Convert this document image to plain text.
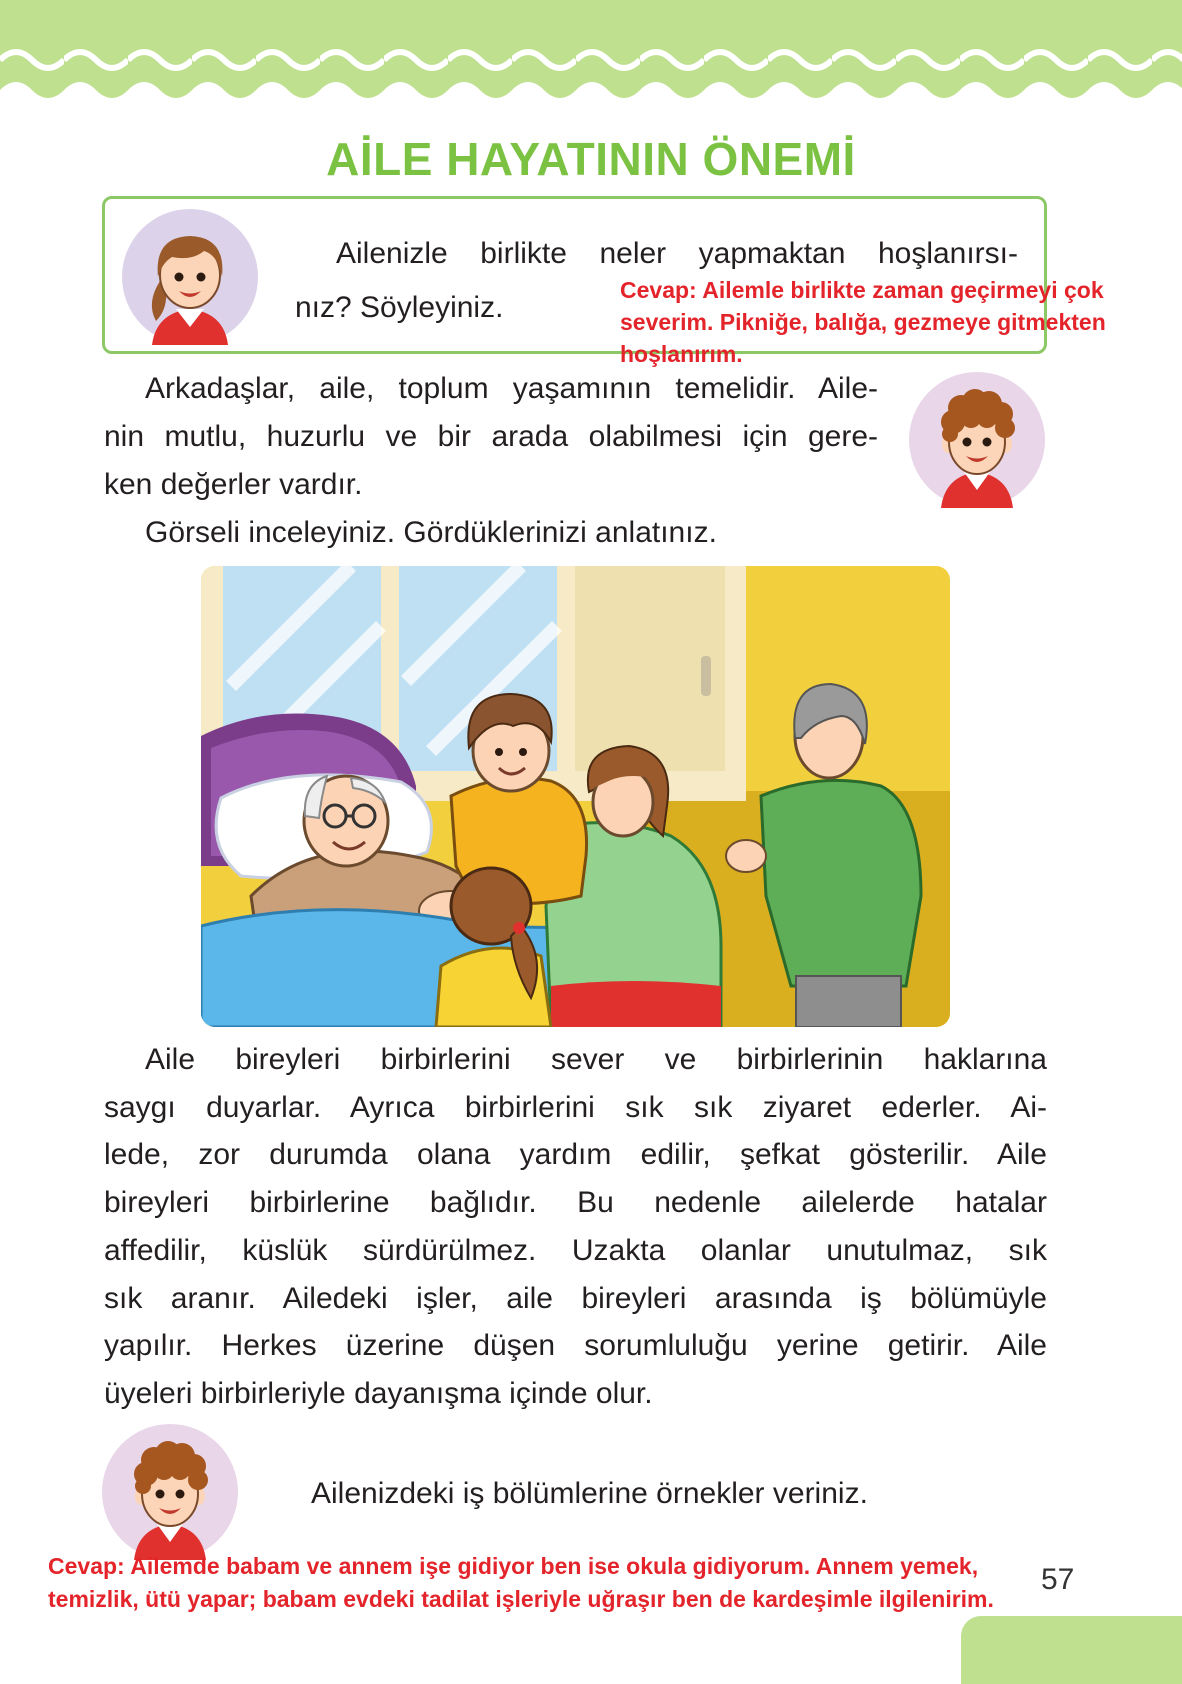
AİLE HAYATININ ÖNEMİ
Ailenizle birlikte neler yapmaktan hoşlanırsı-
nız? Söyleyiniz.
Cevap: Ailemle birlikte zaman geçirmeyi çok
severim. Pikniğe, balığa, gezmeye gitmekten
hoşlanırım.
Arkadaşlar, aile, toplum yaşamının temelidir. Aile-
nin mutlu, huzurlu ve bir arada olabilmesi için gere-
ken değerler vardır.
Görseli inceleyiniz. Gördüklerinizi anlatınız.
Aile bireyleri birbirlerini sever ve birbirlerinin haklarına
saygı duyarlar. Ayrıca birbirlerini sık sık ziyaret ederler. Ai-
lede, zor durumda olana yardım edilir, şefkat gösterilir. Aile
bireyleri birbirlerine bağlıdır. Bu nedenle ailelerde hatalar
affedilir, küslük sürdürülmez. Uzakta olanlar unutulmaz, sık
sık aranır. Ailedeki işler, aile bireyleri arasında iş bölümüyle
yapılır. Herkes üzerine düşen sorumluluğu yerine getirir. Aile
üyeleri birbirleriyle dayanışma içinde olur.
Ailenizdeki iş bölümlerine örnekler veriniz.
Cevap: Ailemde babam ve annem işe gidiyor ben ise okula gidiyorum. Annem yemek,
temizlik, ütü yapar; babam evdeki tadilat işleriyle uğraşır ben de kardeşimle ilgilenirim.
57
